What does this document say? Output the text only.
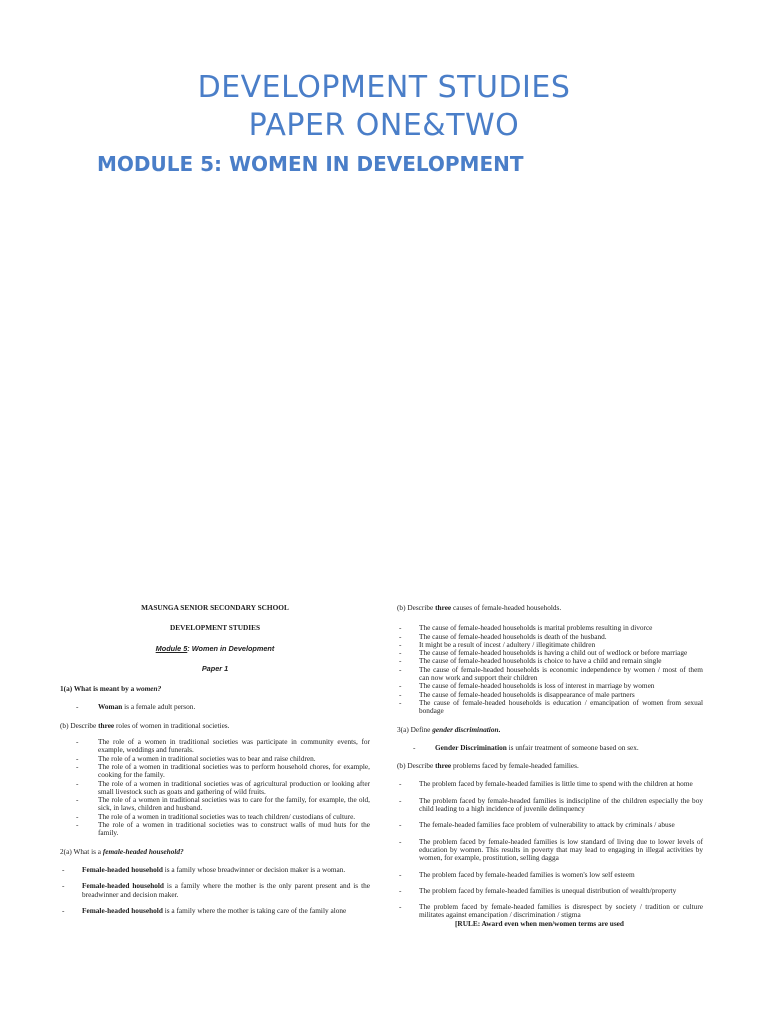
DEVELOPMENT STUDIES
PAPER ONE&TWO
MODULE 5: WOMEN IN DEVELOPMENT

MASUNGA SENIOR SECONDARY SCHOOL

DEVELOPMENT STUDIES

Module 5: Women in Development

Paper 1

1(a) What is meant by a women?

- Woman is a female adult person.

(b) Describe three roles of women in traditional societies.

- The role of a women in traditional societies was participate in community events, for example, weddings and funerals.
- The role of a women in traditional societies was to bear and raise children.
- The role of a women in traditional societies was to perform household chores, for example, cooking for the family.
- The role of a women in traditional societies was of agricultural production or looking after small livestock such as goats and gathering of wild fruits.
- The role of a women in traditional societies was to care for the family, for example, the old, sick, in laws, children and husband.
- The role of a women in traditional societies was to teach children/ custodians of culture.
- The role of a women in traditional societies was to construct walls of mud huts for the family.

2(a) What is a female-headed household?

- Female-headed household is a family whose breadwinner or decision maker is a woman.
- Female-headed household is a family where the mother is the only parent present and is the breadwinner and decision maker.
- Female-headed household is a family where the mother is taking care of the family alone

(b) Describe three causes of female-headed households.

- The cause of female-headed households is marital problems resulting in divorce
- The cause of female-headed households is death of the husband.
- It might be a result of incest / adultery / illegitimate children
- The cause of female-headed households is having a child out of wedlock or before marriage
- The cause of female-headed households is choice to have a child and remain single
- The cause of female-headed households is economic independence by women / most of them can now work and support their children
- The cause of female-headed households is loss of interest in marriage by women
- The cause of female-headed households is disappearance of male partners
- The cause of female-headed households is education / emancipation of women from sexual bondage

3(a) Define gender discrimination.

- Gender Discrimination is unfair treatment of someone based on sex.

(b) Describe three problems faced by female-headed families.

- The problem faced by female-headed families is little time to spend with the children at home
- The problem faced by female-headed families is indiscipline of the children especially the boy child leading to a high incidence of juvenile delinquency
- The female-headed families face problem of vulnerability to attack by criminals / abuse
- The problem faced by female-headed families is low standard of living due to lower levels of education by women. This results in poverty that may lead to engaging in illegal activities by women, for example, prostitution, selling dagga
- The problem faced by female-headed families is women's low self esteem
- The problem faced by female-headed families is unequal distribution of wealth/property
- The problem faced by female-headed families is disrespect by society / tradition or culture militates against emancipation / discrimination / stigma

[RULE: Award even when men/women terms are used
